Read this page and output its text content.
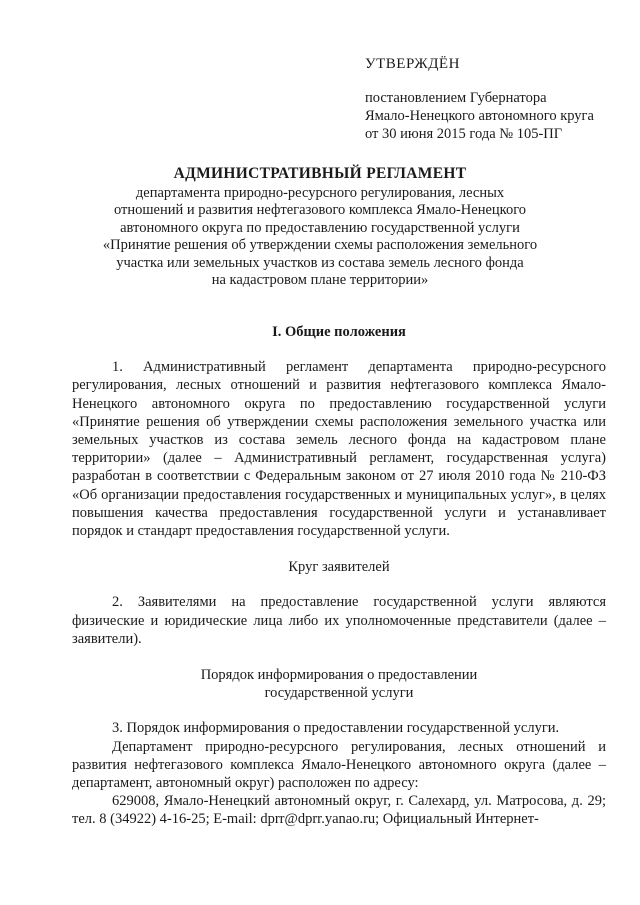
УТВЕРЖДЁН
постановлением Губернатора
Ямало-Ненецкого автономного круга
от 30 июня 2015 года № 105-ПГ
АДМИНИСТРАТИВНЫЙ РЕГЛАМЕНТ
департамента природно-ресурсного регулирования, лесных
отношений и развития нефтегазового комплекса Ямало-Ненецкого
автономного округа по предоставлению государственной услуги
«Принятие решения об утверждении схемы расположения земельного
участка или земельных участков из состава земель лесного фонда
на кадастровом плане территории»
I. Общие положения

1. Административный регламент департамента природно-ресурсного регулирования, лесных отношений и развития нефтегазового комплекса Ямало-Ненецкого автономного округа по предоставлению государственной услуги «Принятие решения об утверждении схемы расположения земельного участка или земельных участков из состава земель лесного фонда на кадастровом плане территории» (далее – Административный регламент, государственная услуга) разработан в соответствии с Федеральным законом от 27 июля 2010 года № 210-ФЗ «Об организации предоставления государственных и муниципальных услуг», в целях повышения качества предоставления государственной услуги и устанавливает порядок и стандарт предоставления государственной услуги.

Круг заявителей

2. Заявителями на предоставление государственной услуги являются физические и юридические лица либо их уполномоченные представители (далее – заявители).

Порядок информирования о предоставлении
государственной услуги

3. Порядок информирования о предоставлении государственной услуги.

Департамент природно-ресурсного регулирования, лесных отношений и развития нефтегазового комплекса Ямало-Ненецкого автономного округа (далее – департамент, автономный округ) расположен по адресу:

629008, Ямало-Ненецкий автономный округ, г. Салехард, ул. Матросова, д. 29; тел. 8 (34922) 4-16-25; E-mail: dprr@dprr.yanao.ru; Официальный Интернет-
